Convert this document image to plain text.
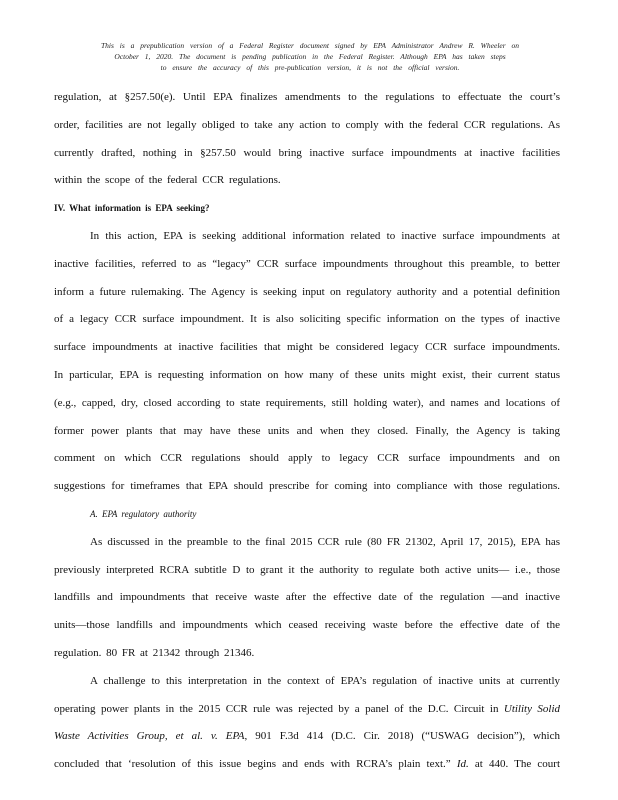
This is a prepublication version of a Federal Register document signed by EPA Administrator Andrew R. Wheeler on
October 1, 2020. The document is pending publication in the Federal Register. Although EPA has taken steps
to ensure the accuracy of this pre-publication version, it is not the official version.
regulation, at §257.50(e). Until EPA finalizes amendments to the regulations to effectuate the court’s
order, facilities are not legally obliged to take any action to comply with the federal CCR regulations. As
currently drafted, nothing in §257.50 would bring inactive surface impoundments at inactive facilities
within the scope of the federal CCR regulations.
IV. What information is EPA seeking?
In this action, EPA is seeking additional information related to inactive surface impoundments at
inactive facilities, referred to as “legacy” CCR surface impoundments throughout this preamble, to better
inform a future rulemaking. The Agency is seeking input on regulatory authority and a potential definition
of a legacy CCR surface impoundment. It is also soliciting specific information on the types of inactive
surface impoundments at inactive facilities that might be considered legacy CCR surface impoundments.
In particular, EPA is requesting information on how many of these units might exist, their current status
(e.g., capped, dry, closed according to state requirements, still holding water), and names and locations of
former power plants that may have these units and when they closed. Finally, the Agency is taking
comment on which CCR regulations should apply to legacy CCR surface impoundments and on
suggestions for timeframes that EPA should prescribe for coming into compliance with those regulations.
A. EPA regulatory authority
As discussed in the preamble to the final 2015 CCR rule (80 FR 21302, April 17, 2015), EPA has
previously interpreted RCRA subtitle D to grant it the authority to regulate both active units— i.e., those
landfills and impoundments that receive waste after the effective date of the regulation —and inactive
units—those landfills and impoundments which ceased receiving waste before the effective date of the
regulation. 80 FR at 21342 through 21346.
A challenge to this interpretation in the context of EPA’s regulation of inactive units at currently
operating power plants in the 2015 CCR rule was rejected by a panel of the D.C. Circuit in Utility Solid
Waste Activities Group, et al. v. EPA, 901 F.3d 414 (D.C. Cir. 2018) (“USWAG decision”), which
concluded that ‘resolution of this issue begins and ends with RCRA’s plain text.” Id. at 440. The court
